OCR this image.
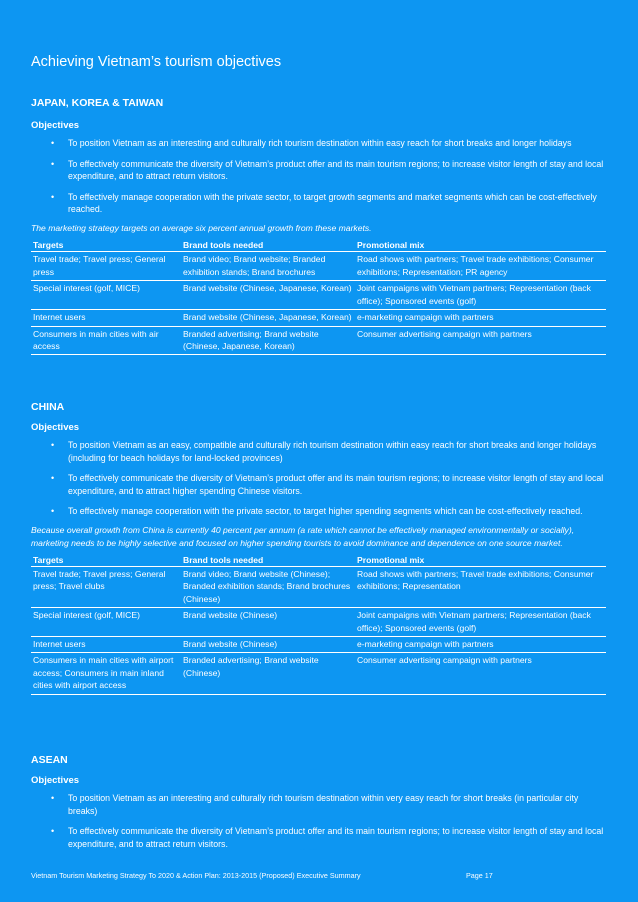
Achieving Vietnam’s tourism objectives

JAPAN, KOREA & TAIWAN

Objectives

• To position Vietnam as an interesting and culturally rich tourism destination within easy reach for short breaks and longer holidays
• To effectively communicate the diversity of Vietnam’s product offer and its main tourism regions; to increase visitor length of stay and local expenditure, and to attract return visitors.
• To effectively manage cooperation with the private sector, to target growth segments and market segments which can be cost-effectively reached.

The marketing strategy targets on average six percent annual growth from these markets.

Targets	Brand tools needed	Promotional mix
Travel trade; Travel press; General press	Brand video; Brand website; Branded exhibition stands; Brand brochures	Road shows with partners; Travel trade exhibitions; Consumer exhibitions; Representation; PR agency
Special interest (golf, MICE)	Brand website (Chinese, Japanese, Korean)	Joint campaigns with Vietnam partners; Representation (back office); Sponsored events (golf)
Internet users	Brand website (Chinese, Japanese, Korean)	e-marketing campaign with partners
Consumers in main cities with air access	Branded advertising; Brand website (Chinese, Japanese, Korean)	Consumer advertising campaign with partners

CHINA

Objectives

• To position Vietnam as an easy, compatible and culturally rich tourism destination within easy reach for short breaks and longer holidays (including for beach holidays for land-locked provinces)
• To effectively communicate the diversity of Vietnam’s product offer and its main tourism regions; to increase visitor length of stay and local expenditure, and to attract higher spending Chinese visitors.
• To effectively manage cooperation with the private sector, to target higher spending segments which can be cost-effectively reached.

Because overall growth from China is currently 40 percent per annum (a rate which cannot be effectively managed environmentally or socially), marketing needs to be highly selective and focused on higher spending tourists to avoid dominance and dependence on one source market.

Targets	Brand tools needed	Promotional mix
Travel trade; Travel press; General press; Travel clubs	Brand video; Brand website (Chinese); Branded exhibition stands; Brand brochures (Chinese)	Road shows with partners; Travel trade exhibitions; Consumer exhibitions; Representation
Special interest (golf, MICE)	Brand website (Chinese)	Joint campaigns with Vietnam partners; Representation (back office); Sponsored events (golf)
Internet users	Brand website (Chinese)	e-marketing campaign with partners
Consumers in main cities with airport access; Consumers in main inland cities with airport access	Branded advertising; Brand website (Chinese)	Consumer advertising campaign with partners

ASEAN

Objectives

• To position Vietnam as an interesting and culturally rich tourism destination within very easy reach for short breaks (in particular city breaks)
• To effectively communicate the diversity of Vietnam’s product offer and its main tourism regions; to increase visitor length of stay and local expenditure, and to attract return visitors.
Vietnam Tourism Marketing Strategy To 2020 & Action Plan: 2013-2015 (Proposed) Executive Summary	Page 17
